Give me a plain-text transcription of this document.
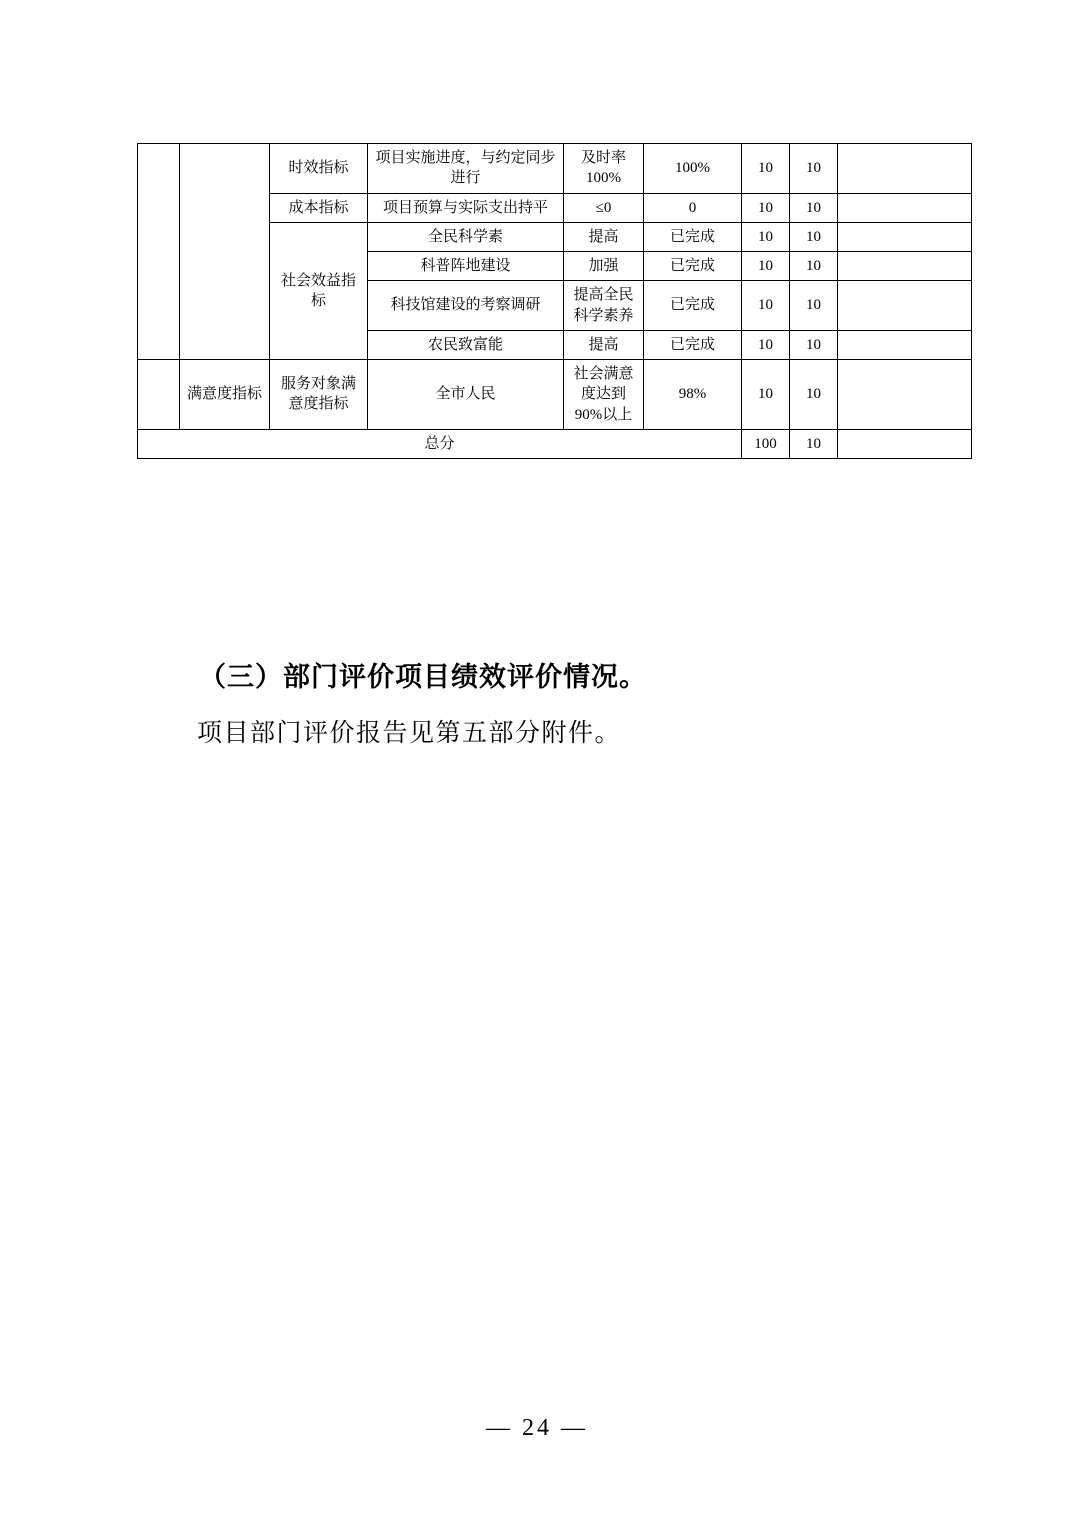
		时效指标	项目实施进度，与约定同步进行	及时率100%	100%	10	10	
		成本指标	项目预算与实际支出持平	≤0	0	10	10	
		社会效益指标	全民科学素	提高	已完成	10	10	
			科普阵地建设	加强	已完成	10	10	
			科技馆建设的考察调研	提高全民科学素养	已完成	10	10	
			农民致富能	提高	已完成	10	10	
	满意度指标	服务对象满意度指标	全市人民	社会满意度达到90%以上	98%	10	10	
总分						100	10	
（三）部门评价项目绩效评价情况。
项目部门评价报告见第五部分附件。
— 24 —
